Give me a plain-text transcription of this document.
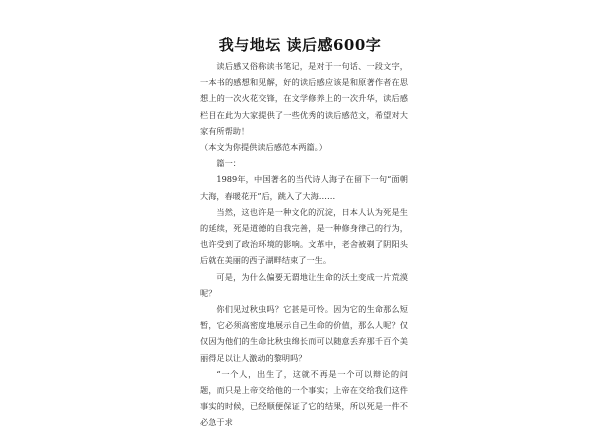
我与地坛 读后感600字

读后感又俗称读书笔记，是对于一句话、一段文字，一本书的感想和见解，好的读后感应该是和原著作者在思想上的一次火花交锋，在文学修养上的一次升华，读后感栏目在此为大家提供了一些优秀的读后感范文，希望对大家有所帮助！

（本文为你提供读后感范本两篇。）

篇一：

1989年，中国著名的当代诗人海子在留下一句“面朝大海，春暖花开”后，跳入了大海……

当然，这也许是一种文化的沉淀，日本人认为死是生的延续，死是道德的自我完善，是一种修身律己的行为，也许受到了政治环境的影响。文革中，老舍被剃了阴阳头后就在美丽的西子湖畔结束了一生。

可是，为什么偏要无谓地让生命的沃土变成一片荒漠呢？

你们见过秋虫吗？它甚是可怜。因为它的生命那么短暂，它必须高密度地展示自己生命的价值，那么人呢？仅仅因为他们的生命比秋虫绵长而可以随意丢弃那千百个美丽得足以让人激动的黎明吗？

“一个人，出生了，这就不再是一个可以辩论的问题，而只是上帝交给他的一个事实；上帝在交给我们这件事实的时候，已经顺便保证了它的结果，所以死是一件不必急于求
